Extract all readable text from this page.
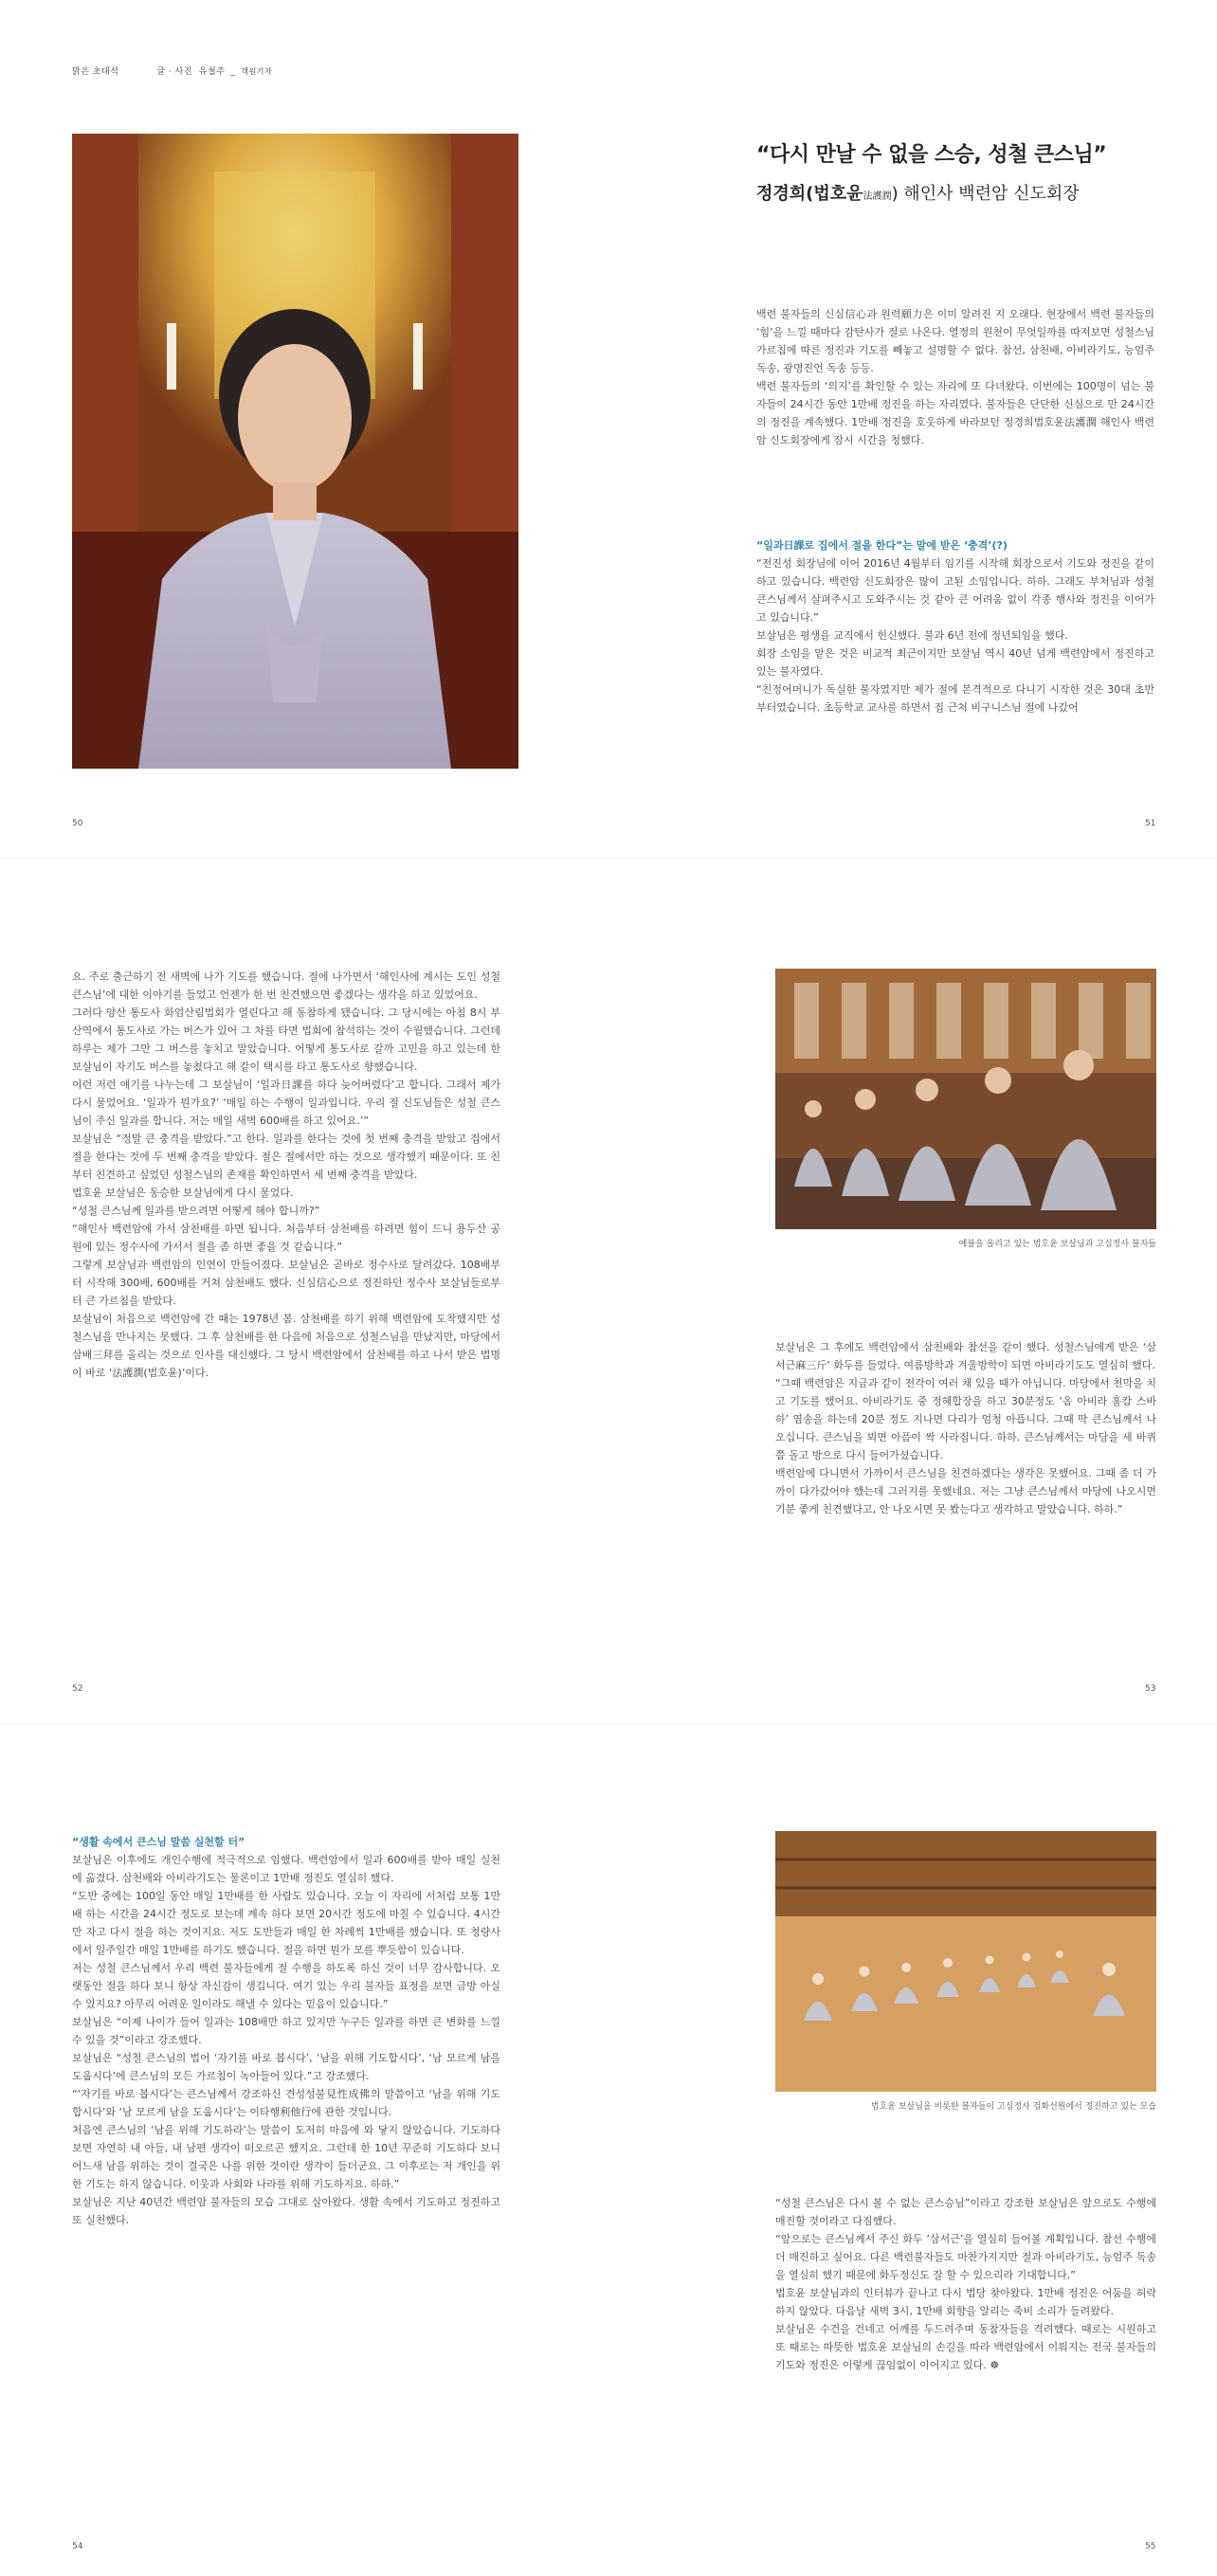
맑은 초대석	글 · 사진 유철주 _ 객원기자
“다시 만날 수 없을 스승, 성철 큰스님”
정경희(법호윤法護潤) 해인사 백련암 신도회장

백련 불자들의 신심信心과 원력願力은 이미 알려진 지 오래다. 현장에서 백련 불자들의 ‘힘’을 느낄 때마다 감탄사가 절로 나온다. 열정의 원천이 무엇일까를 따져보면 성철스님 가르침에 따른 정진과 기도를 빼놓고 설명할 수 없다. 참선, 삼천배, 아비라기도, 능엄주 독송, 광명진언 독송 등등.

백련 불자들의 ‘의지’를 확인할 수 있는 자리에 또 다녀왔다. 이번에는 100명이 넘는 불자들이 24시간 동안 1만배 정진을 하는 자리였다. 불자들은 단단한 신심으로 만 24시간의 정진을 계속했다. 1만배 정진을 호웃하게 바라보던 정경희법호윤法護潤 해인사 백련암 신도회장에게 잠시 시간을 청했다.

“일과日課로 집에서 절을 한다”는 말에 받은 ‘충격’(?)

“전진성 회장님에 이어 2016년 4월부터 임기를 시작해 회장으로서 기도와 정진을 같이 하고 있습니다. 백련암 신도회장은 많이 고된 소임입니다. 하하. 그래도 부처님과 성철 큰스님께서 살펴주시고 도와주시는 것 같아 큰 어려움 없이 각종 행사와 정진을 이어가고 있습니다.”

보살님은 평생을 교직에서 헌신했다. 불과 6년 전에 정년퇴임을 했다.

회장 소임을 맡은 것은 비교적 최근이지만 보살님 역시 40년 넘게 백련암에서 정진하고 있는 불자였다.

“친정어머니가 독실한 불자였지만 제가 절에 본격적으로 다니기 시작한 것은 30대 초반부터였습니다. 초등학교 교사를 하면서 집 근처 비구니스님 절에 나갔어

50	51

요. 주로 출근하기 전 새벽에 나가 기도를 했습니다. 절에 나가면서 ‘해인사에 계시는 도인 성철 큰스님’에 대한 이야기를 들었고 언젠가 한 번 친견했으면 좋겠다는 생각을 하고 있었어요.

그러다 양산 통도사 화엄산림법회가 열린다고 해 동참하게 됐습니다. 그 당시에는 아침 8시 부산역에서 통도사로 가는 버스가 있어 그 차를 타면 법회에 참석하는 것이 수월했습니다. 그런데 하루는 제가 그만 그 버스를 놓치고 말았습니다. 어떻게 통도사로 갈까 고민을 하고 있는데 한 보살님이 자기도 버스를 놓쳤다고 해 같이 택시를 타고 통도사로 향했습니다.

이런 저런 얘기를 나누는데 그 보살님이 ‘일과日課를 하다 늦어버렸다’고 합니다. 그래서 제가 다시 물었어요. ‘일과가 뭔가요?’ ‘매일 하는 수행이 일과입니다. 우리 절 신도님들은 성철 큰스님이 주신 일과를 합니다. 저는 매일 새벽 600배를 하고 있어요.’”

보살님은 “정말 큰 충격을 받았다.”고 한다. 일과를 한다는 것에 첫 번째 충격을 받았고 집에서 절을 한다는 것에 두 번째 충격을 받았다. 절은 절에서만 하는 것으로 생각했기 때문이다. 또 친부터 친견하고 싶었던 성철스님의 존재를 확인하면서 세 번째 충격을 받았다.

법호윤 보살님은 동승한 보살님에게 다시 물었다.

“성철 큰스님께 일과를 받으려면 어떻게 해야 합니까?”

“해인사 백련암에 가서 삼천배를 하면 됩니다. 처음부터 삼천배를 하려면 힘이 드니 용두산 공원에 있는 정수사에 가서서 절을 좀 하면 좋을 것 같습니다.”

그렇게 보살님과 백련암의 인연이 만들어졌다. 보살님은 곧바로 정수사로 달려갔다. 108배부터 시작해 300배, 600배를 거쳐 삼천배도 했다. 신심信心으로 정진하던 정수사 보살님들로부터 큰 가르침을 받았다.

보살님이 처음으로 백련암에 간 때는 1978년 봄. 삼천배를 하기 위해 백련암에 도착했지만 성철스님을 만나지는 못했다. 그 후 삼천배를 한 다음에 처음으로 성철스님을 만났지만, 마당에서 삼배三拜를 올리는 것으로 인사를 대신했다. 그 당시 백련암에서 삼천배를 하고 나서 받은 법명이 바로 ‘法護潤(법호윤)’이다.

예불을 올리고 있는 법호윤 보살님과 고심정사 불자들

보살님은 그 후에도 백련암에서 삼천배와 참선을 같이 했다. 성철스님에게 받은 ‘삼서근麻三斤’ 화두를 들었다. 여름방학과 겨울방학이 되면 아비라기도도 열심히 했다.

“그때 백련암은 지금과 같이 전각이 여러 채 있을 때가 아닙니다. 마당에서 천막을 치고 기도를 했어요. 아비라기도 중 정혜합장을 하고 30분정도 ‘옴 아비라 훔캄 스바하’ 염송을 하는데 20분 정도 지나면 다리가 엄청 아픕니다. 그때 딱 큰스님께서 나오십니다. 큰스님을 뵈면 아픔이 싹 사라집니다. 하하. 큰스님께서는 마당을 세 바퀴 쯤 돌고 방으로 다시 들어가셨습니다.

백련암에 다니면서 가까이서 큰스님을 친견하겠다는 생각은 못했어요. 그때 좀 더 가까이 다가갔어야 했는데 그러지를 못했네요. 저는 그냥 큰스님께서 마당에 나오시면 기분 좋게 친견했다고, 안 나오시면 못 봤는다고 생각하고 말았습니다. 하하.”

52	53

“생활 속에서 큰스님 말씀 실천할 터”

보살님은 이후에도 개인수행에 적극적으로 임했다. 백련암에서 일과 600배를 받아 매일 실천에 옮겼다. 삼천배와 아비라기도는 물론이고 1만배 정진도 열심히 했다.

“도반 중에는 100일 동안 매일 1만배를 한 사람도 있습니다. 오늘 이 자리에 서처럼 보통 1만배 하는 시간을 24시간 정도로 보는데 계속 하다 보면 20시간 정도에 마칠 수 있습니다. 4시간만 자고 다시 절을 하는 것이지요. 저도 도반들과 매일 한 차례씩 1만배를 했습니다. 또 청량사에서 일주일간 매일 1만배를 하기도 했습니다. 절을 하면 뭔가 모를 뿌듯함이 있습니다.

저는 성철 큰스님께서 우리 백련 불자들에게 절 수행을 하도록 하신 것이 너무 감사합니다. 오랫동안 절을 하다 보니 항상 자신감이 생깁니다. 여기 있는 우리 불자들 표정을 보면 금방 아실 수 있지요? 아무리 어려운 일이라도 해낼 수 있다는 믿음이 있습니다.”

보살님은 “이제 나이가 들어 일과는 108배만 하고 있지만 누구든 일과를 하면 큰 변화를 느낄 수 있을 것”이라고 강조했다.

보살님은 “성철 큰스님의 법어 ‘자기를 바로 봅시다’, ‘남을 위해 기도합시다’, ‘남 모르게 남을 도웁시다’에 큰스님의 모든 가르침이 녹아들어 있다.”고 강조했다.

“‘자기를 바로 봅시다’는 큰스님께서 강조하신 견성성불見性成佛의 말씀이고 ‘남을 위해 기도합시다’와 ‘남 모르게 남을 도웁시다’는 이타행利他行에 관한 것입니다.

처음엔 큰스님의 ‘남을 위해 기도하라’는 말씀이 도저히 마음에 와 닿지 않았습니다. 기도하다 보면 자연히 내 아들, 내 남편 생각이 떠오르곤 했지요. 그런데 한 10년 꾸준히 기도하다 보니 어느새 남을 위하는 것이 결국은 나를 위한 것이란 생각이 들더군요. 그 이후로는 저 개인을 위한 기도는 하지 않습니다. 이웃과 사회와 나라를 위해 기도하지요. 하하.”

보살님은 지난 40년간 백련암 불자들의 모습 그대로 살아왔다. 생활 속에서 기도하고 정진하고 또 실천했다.

법호윤 보살님을 비롯한 불자들이 고심정사 겁화선원에서 정진하고 있는 모습

“성철 큰스님은 다시 볼 수 없는 큰스승님”이라고 강조한 보살님은 앞으로도 수행에 매진할 것이라고 다짐했다.

“앞으로는 큰스님께서 주신 화두 ‘삼서근’을 열심히 들어볼 계획입니다. 참선 수행에 더 매진하고 싶어요. 다른 백련불자들도 마찬가지지만 절과 아비라기도, 능엄주 독송을 열심히 했기 때문에 화두정신도 잘 할 수 있으리라 기대합니다.”

법호윤 보살님과의 인터뷰가 끝나고 다시 법당 찾아왔다. 1만배 정진은 어둠을 허락하지 않았다. 다음날 새벽 3시, 1만배 회향을 알리는 죽비 소리가 들려왔다.

보살님은 수건을 건네고 어깨를 두드려주며 동참자들을 격려했다. 때로는 시원하고 또 때로는 따뜻한 법호윤 보살님의 손길을 따라 백련암에서 이뤄지는 전국 불자들의 기도와 정진은 이렇게 끊임없이 이어지고 있다. ☸

54	55
